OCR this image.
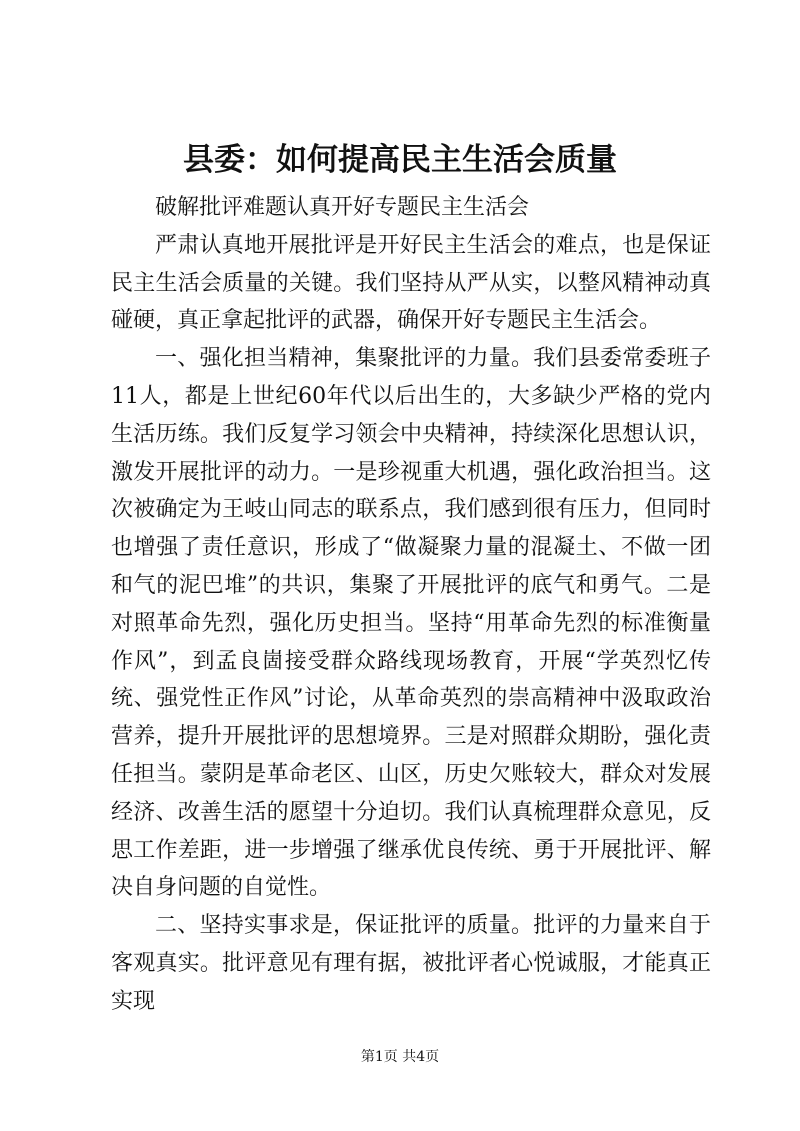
县委：如何提高民主生活会质量

破解批评难题认真开好专题民主生活会

严肃认真地开展批评是开好民主生活会的难点，也是保证民主生活会质量的关键。我们坚持从严从实，以整风精神动真碰硬，真正拿起批评的武器，确保开好专题民主生活会。

一、强化担当精神，集聚批评的力量。我们县委常委班子11人，都是上世纪60年代以后出生的，大多缺少严格的党内生活历练。我们反复学习领会中央精神，持续深化思想认识，激发开展批评的动力。一是珍视重大机遇，强化政治担当。这次被确定为王岐山同志的联系点，我们感到很有压力，但同时也增强了责任意识，形成了“做凝聚力量的混凝土、不做一团和气的泥巴堆”的共识，集聚了开展批评的底气和勇气。二是对照革命先烈，强化历史担当。坚持“用革命先烈的标准衡量作风”，到孟良崮接受群众路线现场教育，开展“学英烈忆传统、强党性正作风”讨论，从革命英烈的崇高精神中汲取政治营养，提升开展批评的思想境界。三是对照群众期盼，强化责任担当。蒙阴是革命老区、山区，历史欠账较大，群众对发展经济、改善生活的愿望十分迫切。我们认真梳理群众意见，反思工作差距，进一步增强了继承优良传统、勇于开展批评、解决自身问题的自觉性。

二、坚持实事求是，保证批评的质量。批评的力量来自于客观真实。批评意见有理有据，被批评者心悦诚服，才能真正实现

第1页 共4页
